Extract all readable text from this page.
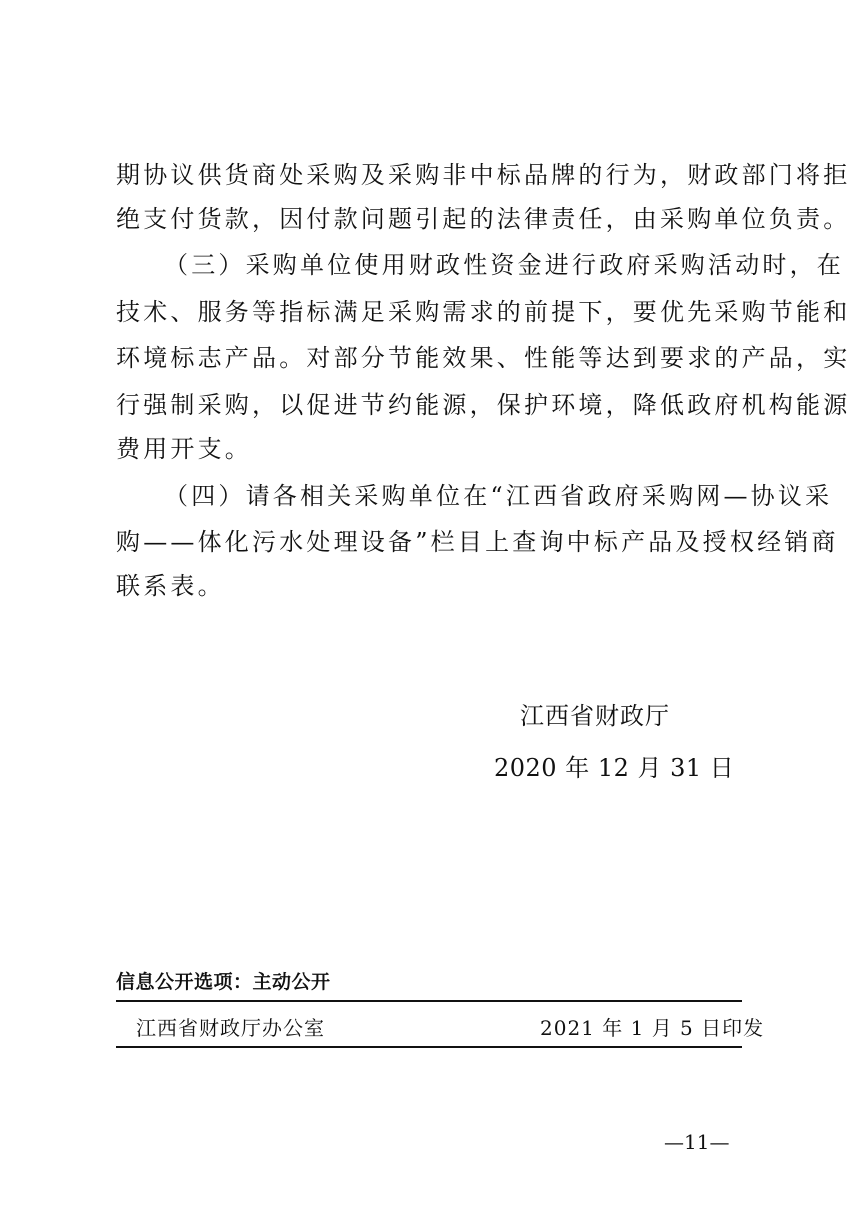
期协议供货商处采购及采购非中标品牌的行为，财政部门将拒
绝支付货款，因付款问题引起的法律责任，由采购单位负责。
（三）采购单位使用财政性资金进行政府采购活动时，在
技术、服务等指标满足采购需求的前提下，要优先采购节能和
环境标志产品。对部分节能效果、性能等达到要求的产品，实
行强制采购，以促进节约能源，保护环境，降低政府机构能源
费用开支。
（四）请各相关采购单位在“江西省政府采购网—协议采
购——体化污水处理设备”栏目上查询中标产品及授权经销商
联系表。
江西省财政厅
2020 年 12 月 31 日
信息公开选项：主动公开
江西省财政厅办公室	2021 年 1 月 5 日印发
—11—
